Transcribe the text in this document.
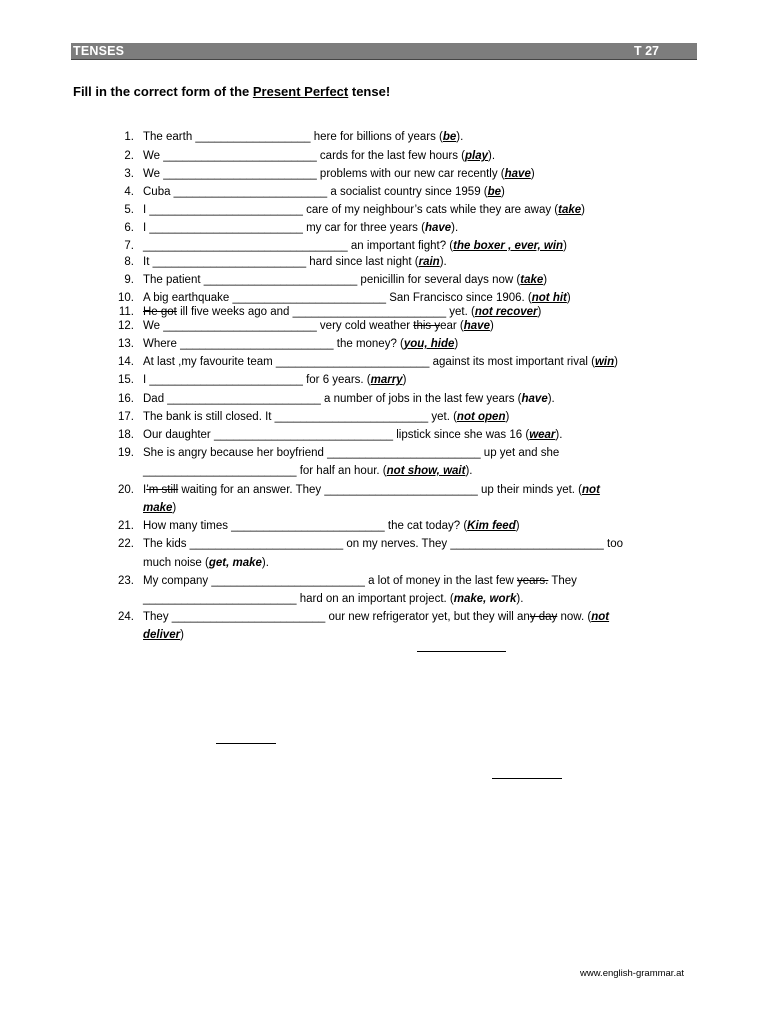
TENSES	T 27
Fill in the correct form of the Present Perfect tense!
1. The earth __________________ here for billions of years (be).
2. We ________________________ cards for the last few hours (play).
3. We ________________________ problems with our new car recently (have)
4. Cuba ________________________ a socialist country since 1959 (be)
5. I ________________________ care of my neighbour’s cats while they are away (take)
6. I ________________________ my car for three years (have).
7. ________________________________ an important fight? (the boxer , ever, win)
8. It ________________________ hard since last night (rain).
9. The patient ________________________ penicillin for several days now (take)
10. A big earthquake ________________________ San Francisco since 1906. (not hit)
11. He got ill five weeks ago and ________________________ yet. (not recover)
12. We ________________________ very cold weather this year (have)
13. Where ________________________ the money? (you, hide)
14. At last ,my favourite team ________________________ against its most important rival (win)
15. I ________________________ for 6 years. (marry)
16. Dad ________________________ a number of jobs in the last few years (have).
17. The bank is still closed. It ________________________ yet. (not open)
18. Our daughter ____________________________ lipstick since she was 16 (wear).
19. She is angry because her boyfriend ________________________ up yet and she
________________________ for half an hour. (not show, wait).
20. I’m still waiting for an answer. They ________________________ up their minds yet. (not
make)
21. How many times ________________________ the cat today? (Kim feed)
22. The kids ________________________ on my nerves. They ________________________ too
much noise (get, make).
23. My company ________________________ a lot of money in the last few years. They
________________________ hard on an important project. (make, work).
24. They ________________________ our new refrigerator yet, but they will any day now. (not
deliver)
www.english-grammar.at
